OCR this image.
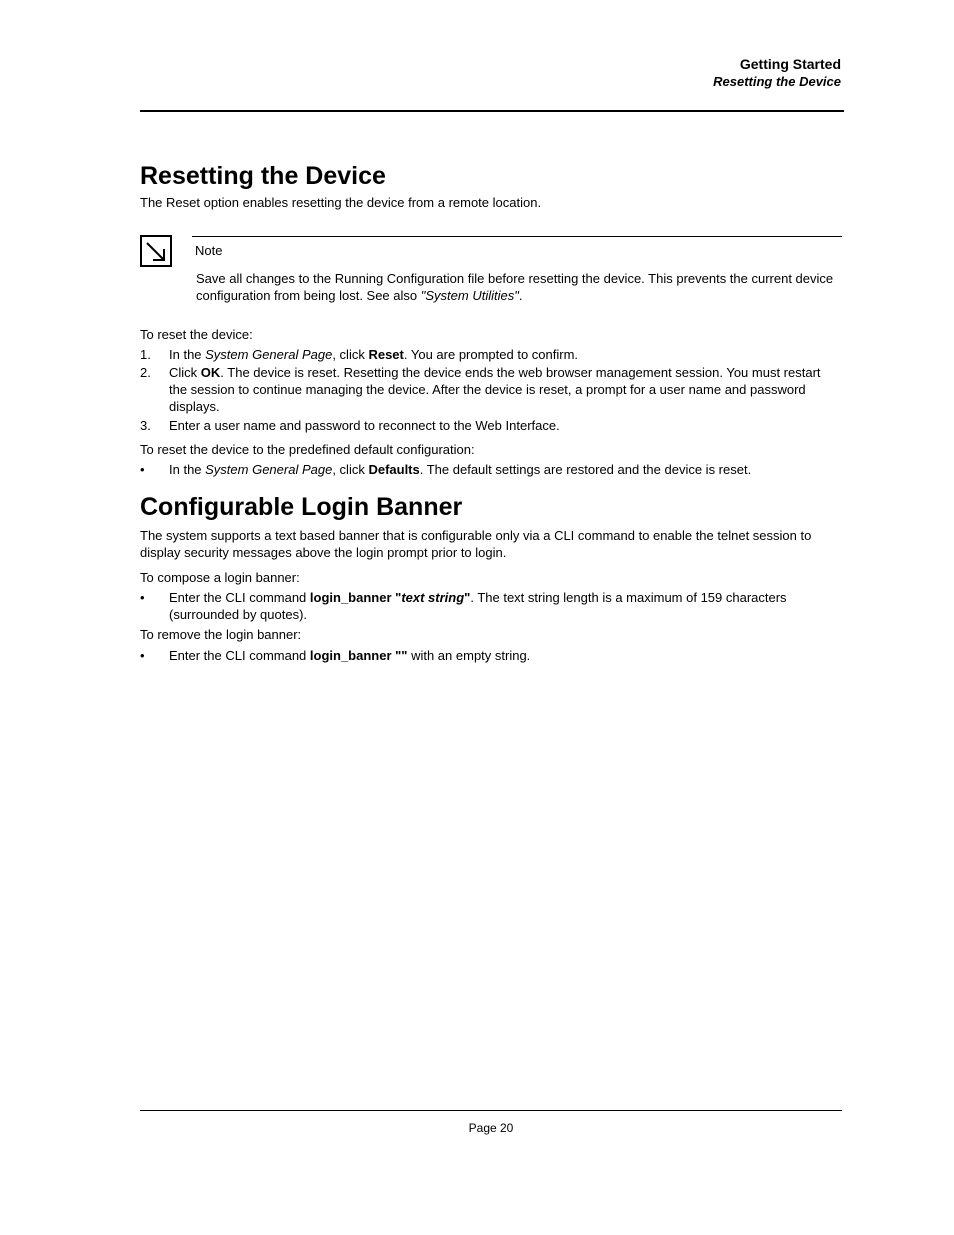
Getting Started
Resetting the Device
Resetting the Device

The Reset option enables resetting the device from a remote location.

Note
Save all changes to the Running Configuration file before resetting the device. This prevents the current device configuration from being lost. See also "System Utilities".

To reset the device:

1. In the System General Page, click Reset. You are prompted to confirm.
2. Click OK. The device is reset. Resetting the device ends the web browser management session. You must restart the session to continue managing the device. After the device is reset, a prompt for a user name and password displays.
3. Enter a user name and password to reconnect to the Web Interface.

To reset the device to the predefined default configuration:

• In the System General Page, click Defaults. The default settings are restored and the device is reset.
Configurable Login Banner

The system supports a text based banner that is configurable only via a CLI command to enable the telnet session to display security messages above the login prompt prior to login.

To compose a login banner:

• Enter the CLI command login_banner "text string". The text string length is a maximum of 159 characters (surrounded by quotes).

To remove the login banner:

• Enter the CLI command login_banner "" with an empty string.
Page 20
